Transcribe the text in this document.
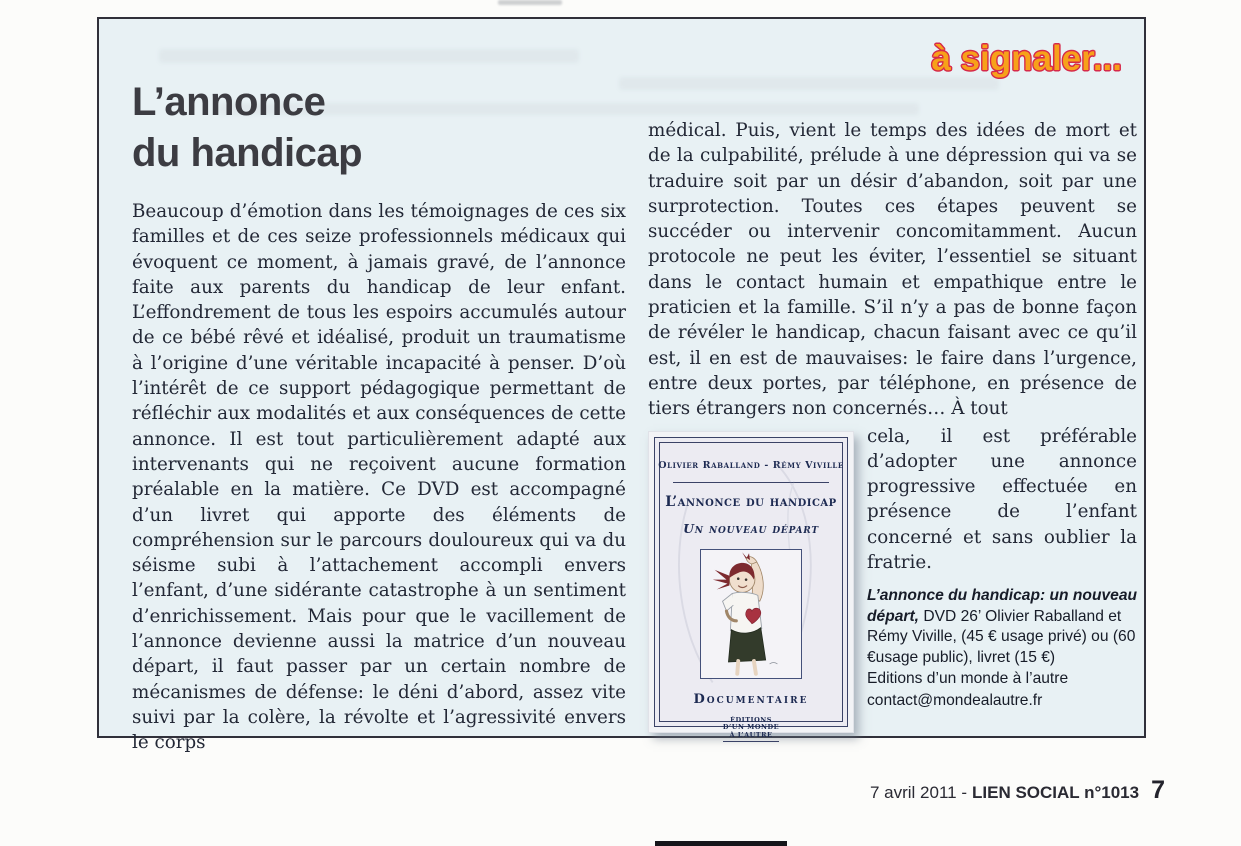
à signaler...
L’annonce
du handicap
Beaucoup d’émotion dans les témoignages de ces six familles et de ces seize professionnels médicaux qui évoquent ce moment, à jamais gravé, de l’annonce faite aux parents du handicap de leur enfant. L’effondrement de tous les espoirs accumulés autour de ce bébé rêvé et idéalisé, produit un traumatisme à l’origine d’une véritable incapacité à penser. D’où l’intérêt de ce support pédagogique permettant de réfléchir aux modalités et aux conséquences de cette annonce. Il est tout particulièrement adapté aux intervenants qui ne reçoivent aucune formation préalable en la matière. Ce DVD est accompagné d’un livret qui apporte des éléments de compréhension sur le parcours douloureux qui va du séisme subi à l’attachement accompli envers l’enfant, d’une sidérante catastrophe à un sentiment d’enrichissement. Mais pour que le vacillement de l’annonce devienne aussi la matrice d’un nouveau départ, il faut passer par un certain nombre de mécanismes de défense: le déni d’abord, assez vite suivi par la colère, la révolte et l’agressivité envers le corps

médical. Puis, vient le temps des idées de mort et de la culpabilité, prélude à une dépression qui va se traduire soit par un désir d’abandon, soit par une surprotection. Toutes ces étapes peuvent se succéder ou intervenir concomitamment. Aucun protocole ne peut les éviter, l’essentiel se situant dans le contact humain et empathique entre le praticien et la famille. S’il n’y a pas de bonne façon de révéler le handicap, chacun faisant avec ce qu’il est, il en est de mauvaises: le faire dans l’urgence, entre deux portes, par téléphone, en présence de tiers étrangers non concernés… À tout

Olivier Raballand - Rémy Viville
L’annonce du handicap
Un nouveau départ
Documentaire
ÉDITIONS
D’UN MONDE
À L’AUTRE

cela, il est préférable d’adopter une annonce progressive effectuée en présence de l’enfant concerné et sans oublier la fratrie.

L’annonce du handicap: un nouveau départ, DVD 26’ Olivier Raballand et Rémy Viville, (45 € usage privé) ou (60 €usage public), livret (15 €)
Editions d’un monde à l’autre
contact@mondealautre.fr
7 avril 2011 - LIEN SOCIAL n°1013 7
